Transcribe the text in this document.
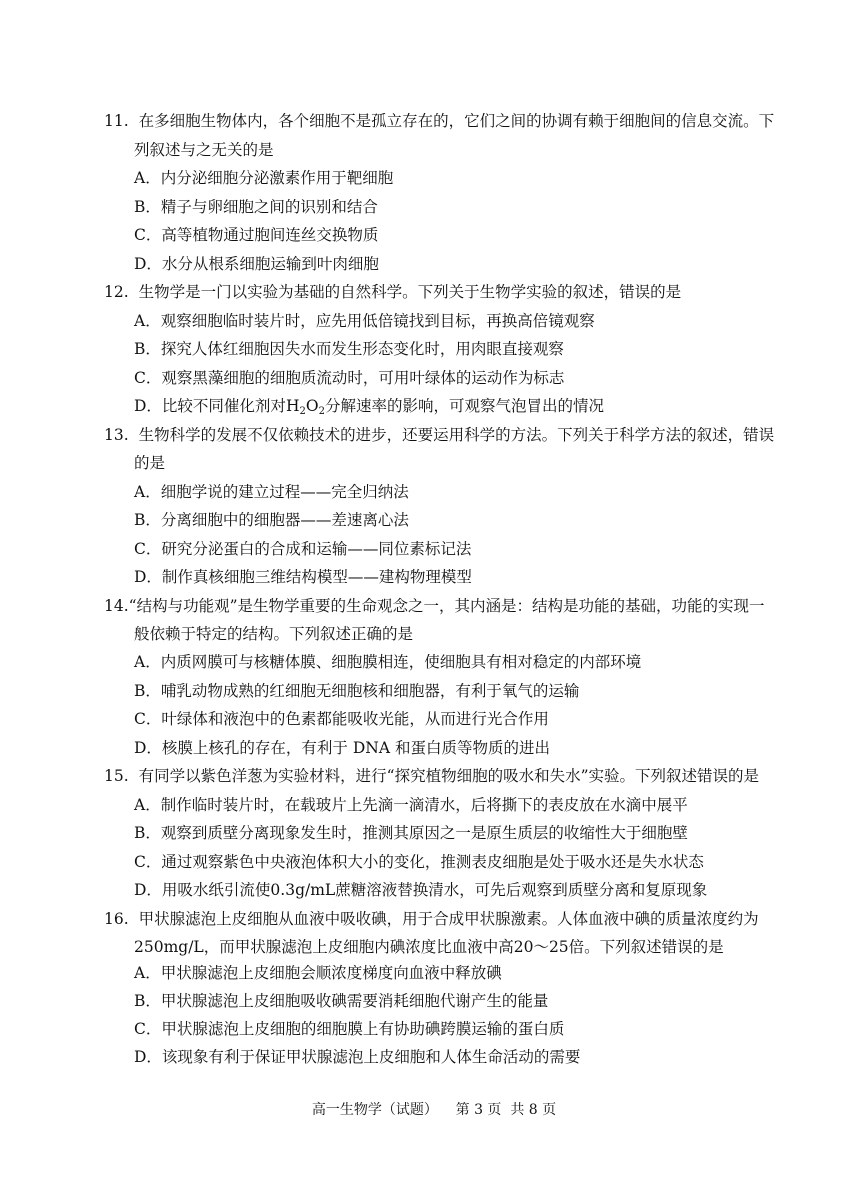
11. 在多细胞生物体内，各个细胞不是孤立存在的，它们之间的协调有赖于细胞间的信息交流。下
列叙述与之无关的是
A．内分泌细胞分泌激素作用于靶细胞
B．精子与卵细胞之间的识别和结合
C．高等植物通过胞间连丝交换物质
D．水分从根系细胞运输到叶肉细胞
12. 生物学是一门以实验为基础的自然科学。下列关于生物学实验的叙述，错误的是
A．观察细胞临时装片时，应先用低倍镜找到目标，再换高倍镜观察
B．探究人体红细胞因失水而发生形态变化时，用肉眼直接观察
C．观察黑藻细胞的细胞质流动时，可用叶绿体的运动作为标志
D．比较不同催化剂对$H_2O_2$分解速率的影响，可观察气泡冒出的情况
13. 生物科学的发展不仅依赖技术的进步，还要运用科学的方法。下列关于科学方法的叙述，错误
的是
A．细胞学说的建立过程——完全归纳法
B．分离细胞中的细胞器——差速离心法
C．研究分泌蛋白的合成和运输——同位素标记法
D．制作真核细胞三维结构模型——建构物理模型
14.“结构与功能观”是生物学重要的生命观念之一，其内涵是：结构是功能的基础，功能的实现一
般依赖于特定的结构。下列叙述正确的是
A．内质网膜可与核糖体膜、细胞膜相连，使细胞具有相对稳定的内部环境
B．哺乳动物成熟的红细胞无细胞核和细胞器，有利于氧气的运输
C．叶绿体和液泡中的色素都能吸收光能，从而进行光合作用
D．核膜上核孔的存在，有利于 DNA 和蛋白质等物质的进出
15. 有同学以紫色洋葱为实验材料，进行“探究植物细胞的吸水和失水”实验。下列叙述错误的是
A．制作临时装片时，在载玻片上先滴一滴清水，后将撕下的表皮放在水滴中展平
B．观察到质壁分离现象发生时，推测其原因之一是原生质层的收缩性大于细胞壁
C．通过观察紫色中央液泡体积大小的变化，推测表皮细胞是处于吸水还是失水状态
D．用吸水纸引流使0.3g/mL蔗糖溶液替换清水，可先后观察到质壁分离和复原现象
16. 甲状腺滤泡上皮细胞从血液中吸收碘，用于合成甲状腺激素。人体血液中碘的质量浓度约为
250mg/L，而甲状腺滤泡上皮细胞内碘浓度比血液中高20～25倍。下列叙述错误的是
A．甲状腺滤泡上皮细胞会顺浓度梯度向血液中释放碘
B．甲状腺滤泡上皮细胞吸收碘需要消耗细胞代谢产生的能量
C．甲状腺滤泡上皮细胞的细胞膜上有协助碘跨膜运输的蛋白质
D．该现象有利于保证甲状腺滤泡上皮细胞和人体生命活动的需要
高一生物学（试题）    第 3 页  共 8 页
